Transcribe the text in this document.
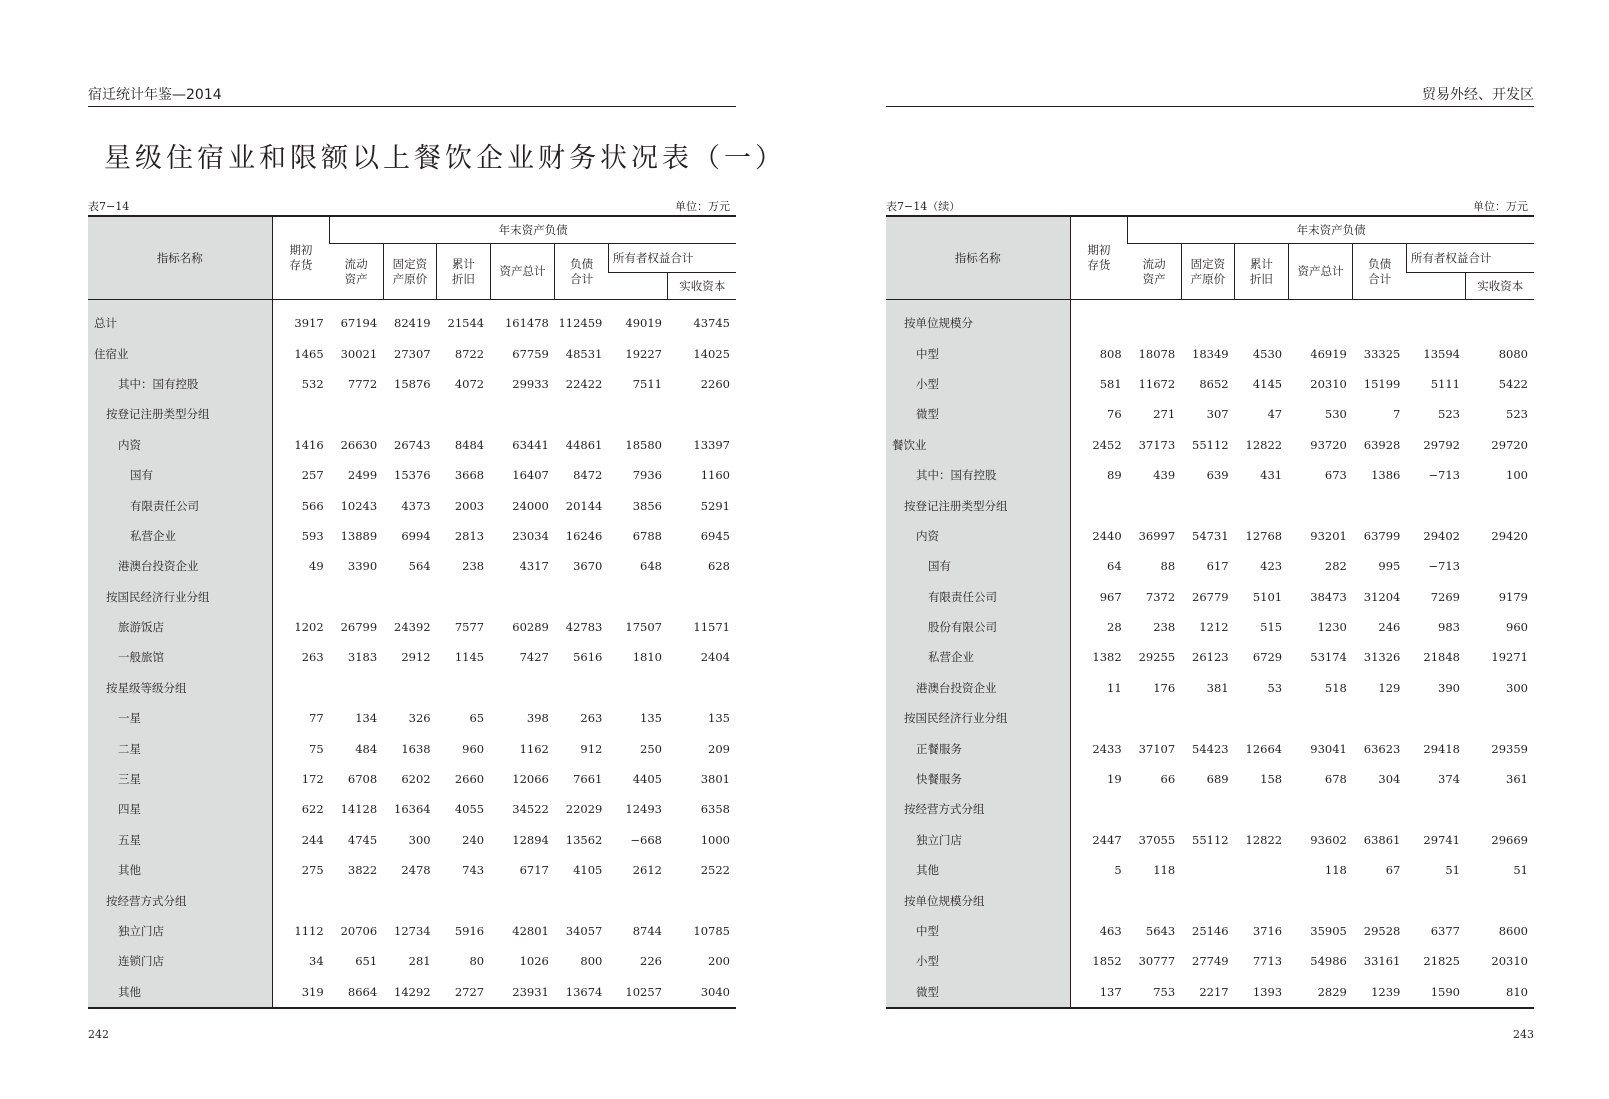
宿迁统计年鉴—2014
星级住宿业和限额以上餐饮企业财务状况表（一）
表7−14	单位：万元
指标名称	期初存货	年末资产负债						
		流动资产	固定资产原价	累计折旧	资产总计	负债合计	所有者权益合计	
								实收资本
总计	3917	67194	82419	21544	161478	112459	49019	43745
住宿业	1465	30021	27307	8722	67759	48531	19227	14025
其中：国有控股	532	7772	15876	4072	29933	22422	7511	2260
按登记注册类型分组								
内资	1416	26630	26743	8484	63441	44861	18580	13397
国有	257	2499	15376	3668	16407	8472	7936	1160
有限责任公司	566	10243	4373	2003	24000	20144	3856	5291
私营企业	593	13889	6994	2813	23034	16246	6788	6945
港澳台投资企业	49	3390	564	238	4317	3670	648	628
按国民经济行业分组								
旅游饭店	1202	26799	24392	7577	60289	42783	17507	11571
一般旅馆	263	3183	2912	1145	7427	5616	1810	2404
按星级等级分组								
一星	77	134	326	65	398	263	135	135
二星	75	484	1638	960	1162	912	250	209
三星	172	6708	6202	2660	12066	7661	4405	3801
四星	622	14128	16364	4055	34522	22029	12493	6358
五星	244	4745	300	240	12894	13562	−668	1000
其他	275	3822	2478	743	6717	4105	2612	2522
按经营方式分组								
独立门店	1112	20706	12734	5916	42801	34057	8744	10785
连锁门店	34	651	281	80	1026	800	226	200
其他	319	8664	14292	2727	23931	13674	10257	3040
242
贸易外经、开发区
表7−14（续）	单位：万元
指标名称	期初存货	年末资产负债						
		流动资产	固定资产原价	累计折旧	资产总计	负债合计	所有者权益合计	
								实收资本
按单位规模分								
中型	808	18078	18349	4530	46919	33325	13594	8080
小型	581	11672	8652	4145	20310	15199	5111	5422
微型	76	271	307	47	530	7	523	523
餐饮业	2452	37173	55112	12822	93720	63928	29792	29720
其中：国有控股	89	439	639	431	673	1386	−713	100
按登记注册类型分组								
内资	2440	36997	54731	12768	93201	63799	29402	29420
国有	64	88	617	423	282	995	−713	
有限责任公司	967	7372	26779	5101	38473	31204	7269	9179
股份有限公司	28	238	1212	515	1230	246	983	960
私营企业	1382	29255	26123	6729	53174	31326	21848	19271
港澳台投资企业	11	176	381	53	518	129	390	300
按国民经济行业分组								
正餐服务	2433	37107	54423	12664	93041	63623	29418	29359
快餐服务	19	66	689	158	678	304	374	361
按经营方式分组								
独立门店	2447	37055	55112	12822	93602	63861	29741	29669
其他	5	118			118	67	51	51
按单位规模分组								
中型	463	5643	25146	3716	35905	29528	6377	8600
小型	1852	30777	27749	7713	54986	33161	21825	20310
微型	137	753	2217	1393	2829	1239	1590	810
243
